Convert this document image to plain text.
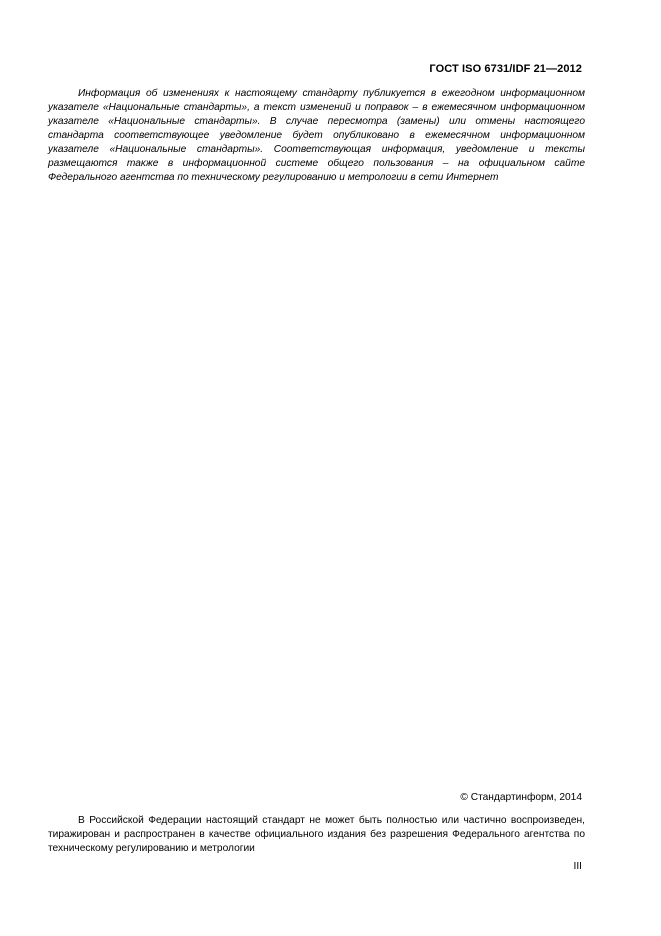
ГОСТ ISO 6731/IDF 21—2012

Информация об изменениях к настоящему стандарту публикуется в ежегодном информационном указателе «Национальные стандарты», а текст изменений и поправок – в ежемесячном информационном указателе «Национальные стандарты». В случае пересмотра (замены) или отмены настоящего стандарта соответствующее уведомление будет опубликовано в ежемесячном информационном указателе «Национальные стандарты». Соответствующая информация, уведомление и тексты размещаются также в информационной системе общего пользования – на официальном сайте Федерального агентства по техническому регулированию и метрологии в сети Интернет

© Стандартинформ, 2014

В Российской Федерации настоящий стандарт не может быть полностью или частично воспроизведен, тиражирован и распространен в качестве официального издания без разрешения Федерального агентства по техническому регулированию и метрологии

III
